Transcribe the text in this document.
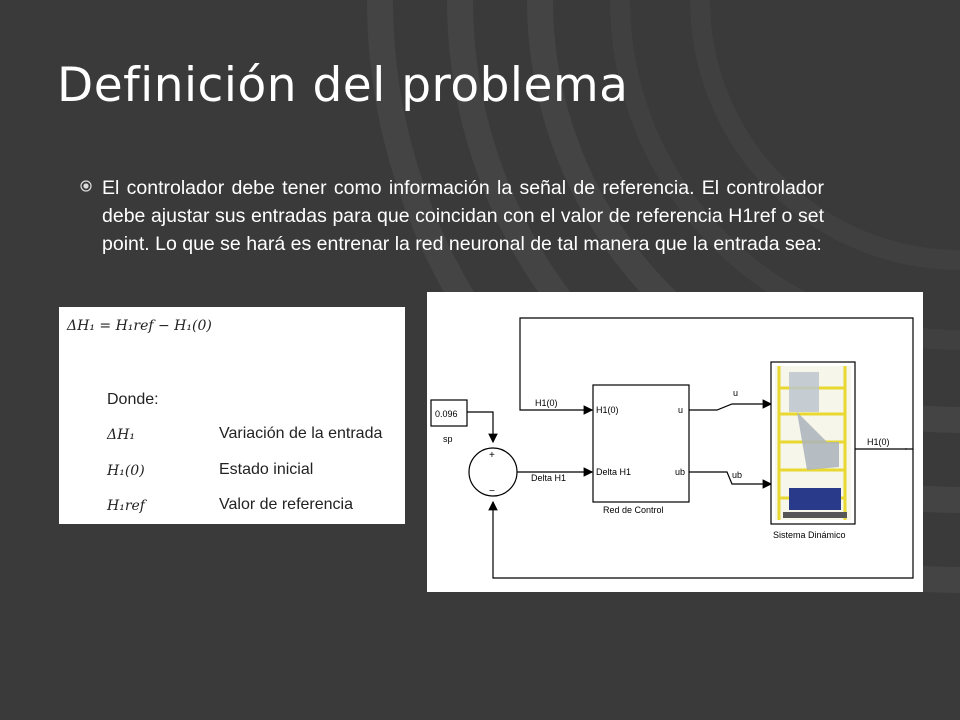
Definición del problema

El controlador debe tener como información la señal de referencia. El controlador debe ajustar sus entradas para que coincidan con el valor de referencia H1ref o set point. Lo que se hará es entrenar la red neuronal de tal manera que la entrada sea:

ΔH₁ = H₁ref − H₁(0)
Donde:
ΔH₁	Variación de la entrada
H₁(0)	Estado inicial
H₁ref	Valor de referencia
0.096
sp
+
−
H1(0)
Delta H1
H1(0)
Delta H1
u
ub
Red de Control
u
ub
Sistema Dinámico
H1(0)
